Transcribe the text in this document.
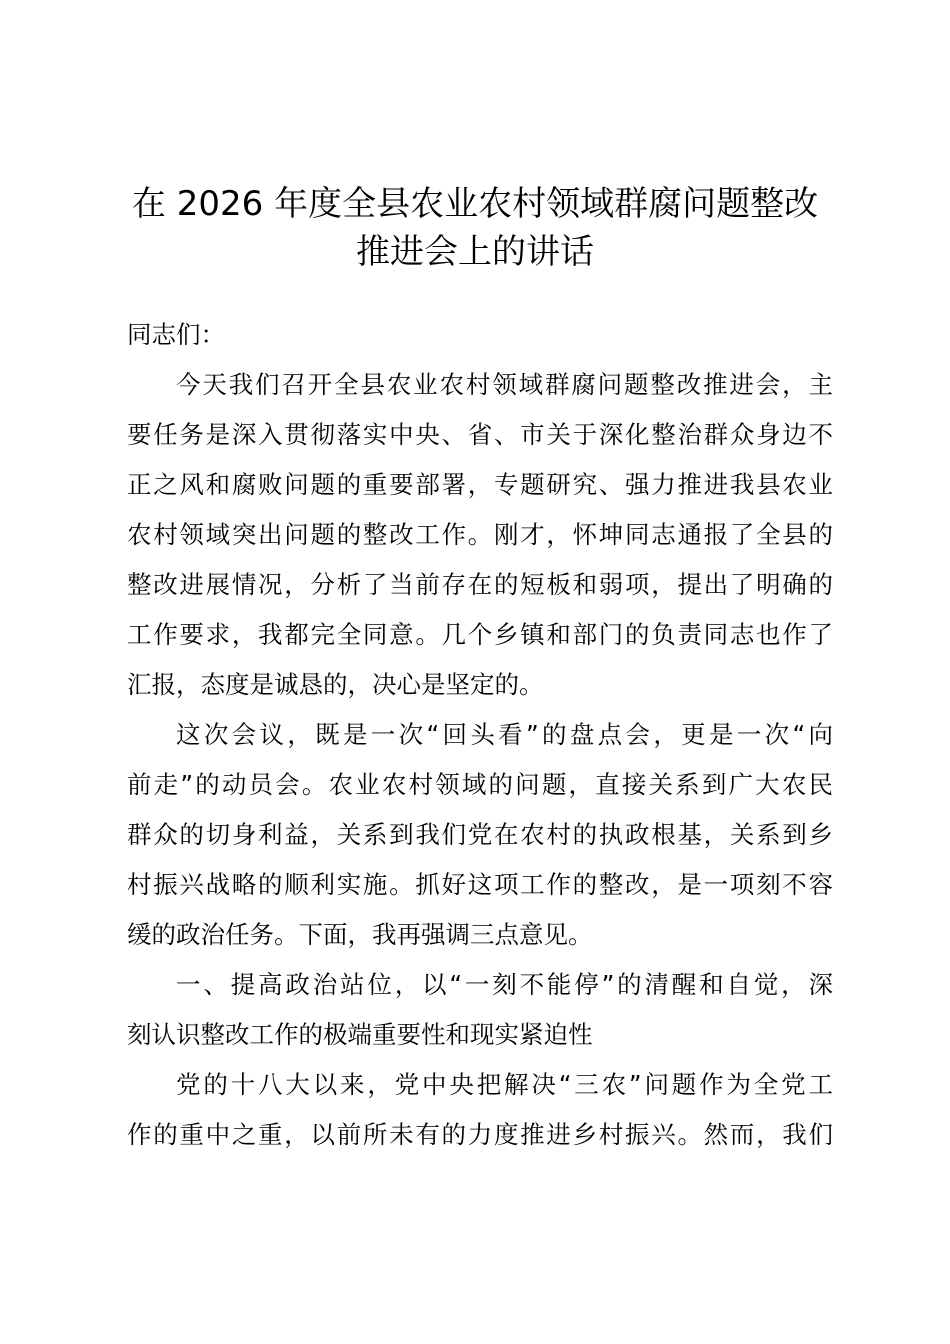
在 2026 年度全县农业农村领域群腐问题整改
推进会上的讲话

同志们：

今天我们召开全县农业农村领域群腐问题整改推进会，主
要任务是深入贯彻落实中央、省、市关于深化整治群众身边不
正之风和腐败问题的重要部署，专题研究、强力推进我县农业
农村领域突出问题的整改工作。刚才，怀坤同志通报了全县的
整改进展情况，分析了当前存在的短板和弱项，提出了明确的
工作要求，我都完全同意。几个乡镇和部门的负责同志也作了
汇报，态度是诚恳的，决心是坚定的。

这次会议，既是一次“回头看”的盘点会，更是一次“向
前走”的动员会。农业农村领域的问题，直接关系到广大农民
群众的切身利益，关系到我们党在农村的执政根基，关系到乡
村振兴战略的顺利实施。抓好这项工作的整改，是一项刻不容
缓的政治任务。下面，我再强调三点意见。

一、提高政治站位，以“一刻不能停”的清醒和自觉，深
刻认识整改工作的极端重要性和现实紧迫性

党的十八大以来，党中央把解决“三农”问题作为全党工
作的重中之重，以前所未有的力度推进乡村振兴。然而，我们
